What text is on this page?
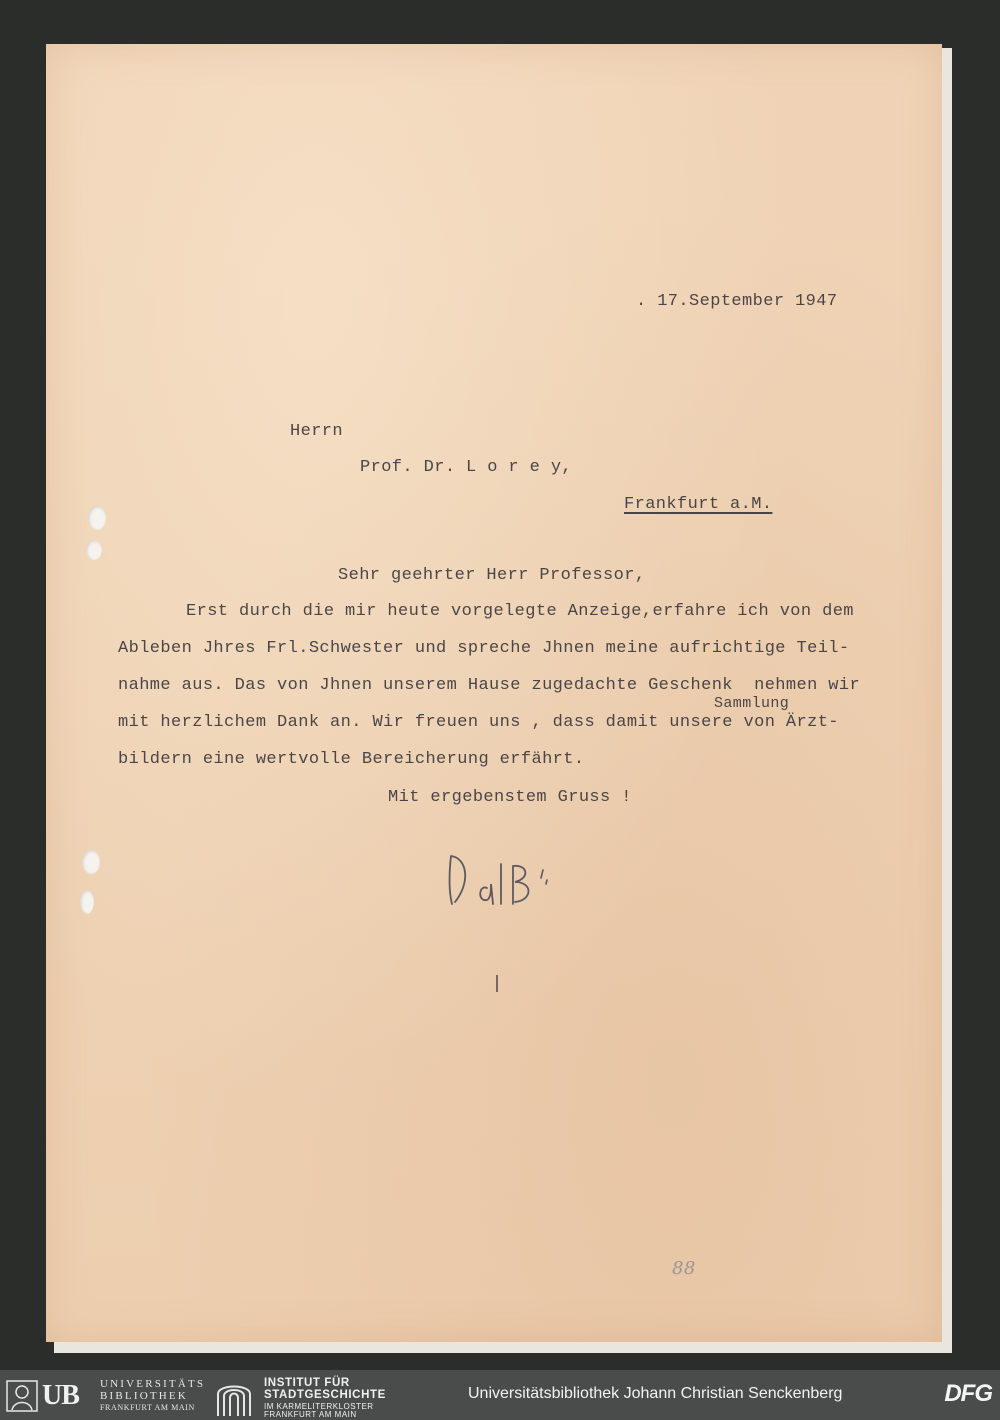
. 17.September 1947
Herrn
Prof. Dr. L o r e y,
Frankfurt a.M.
Sehr geehrter Herr Professor,
Erst durch die mir heute vorgelegte Anzeige,erfahre ich von dem
Ableben Jhres Frl.Schwester und spreche Jhnen meine aufrichtige Teil-
nahme aus. Das von Jhnen unserem Hause zugedachte Geschenk  nehmen wir
Sammlung
mit herzlichem Dank an. Wir freuen uns , dass damit unsere von Ärzt-
bildern eine wertvolle Bereicherung erfährt.
Mit ergebenstem Gruss !
88
UB UNIVERSITÄTS
BIBLIOTHEK
FRANKFURT AM MAIN
INSTITUT FÜR
STADTGESCHICHTE
IM KARMELITERKLOSTER
FRANKFURT AM MAIN
Universitätsbibliothek Johann Christian Senckenberg	DFG
